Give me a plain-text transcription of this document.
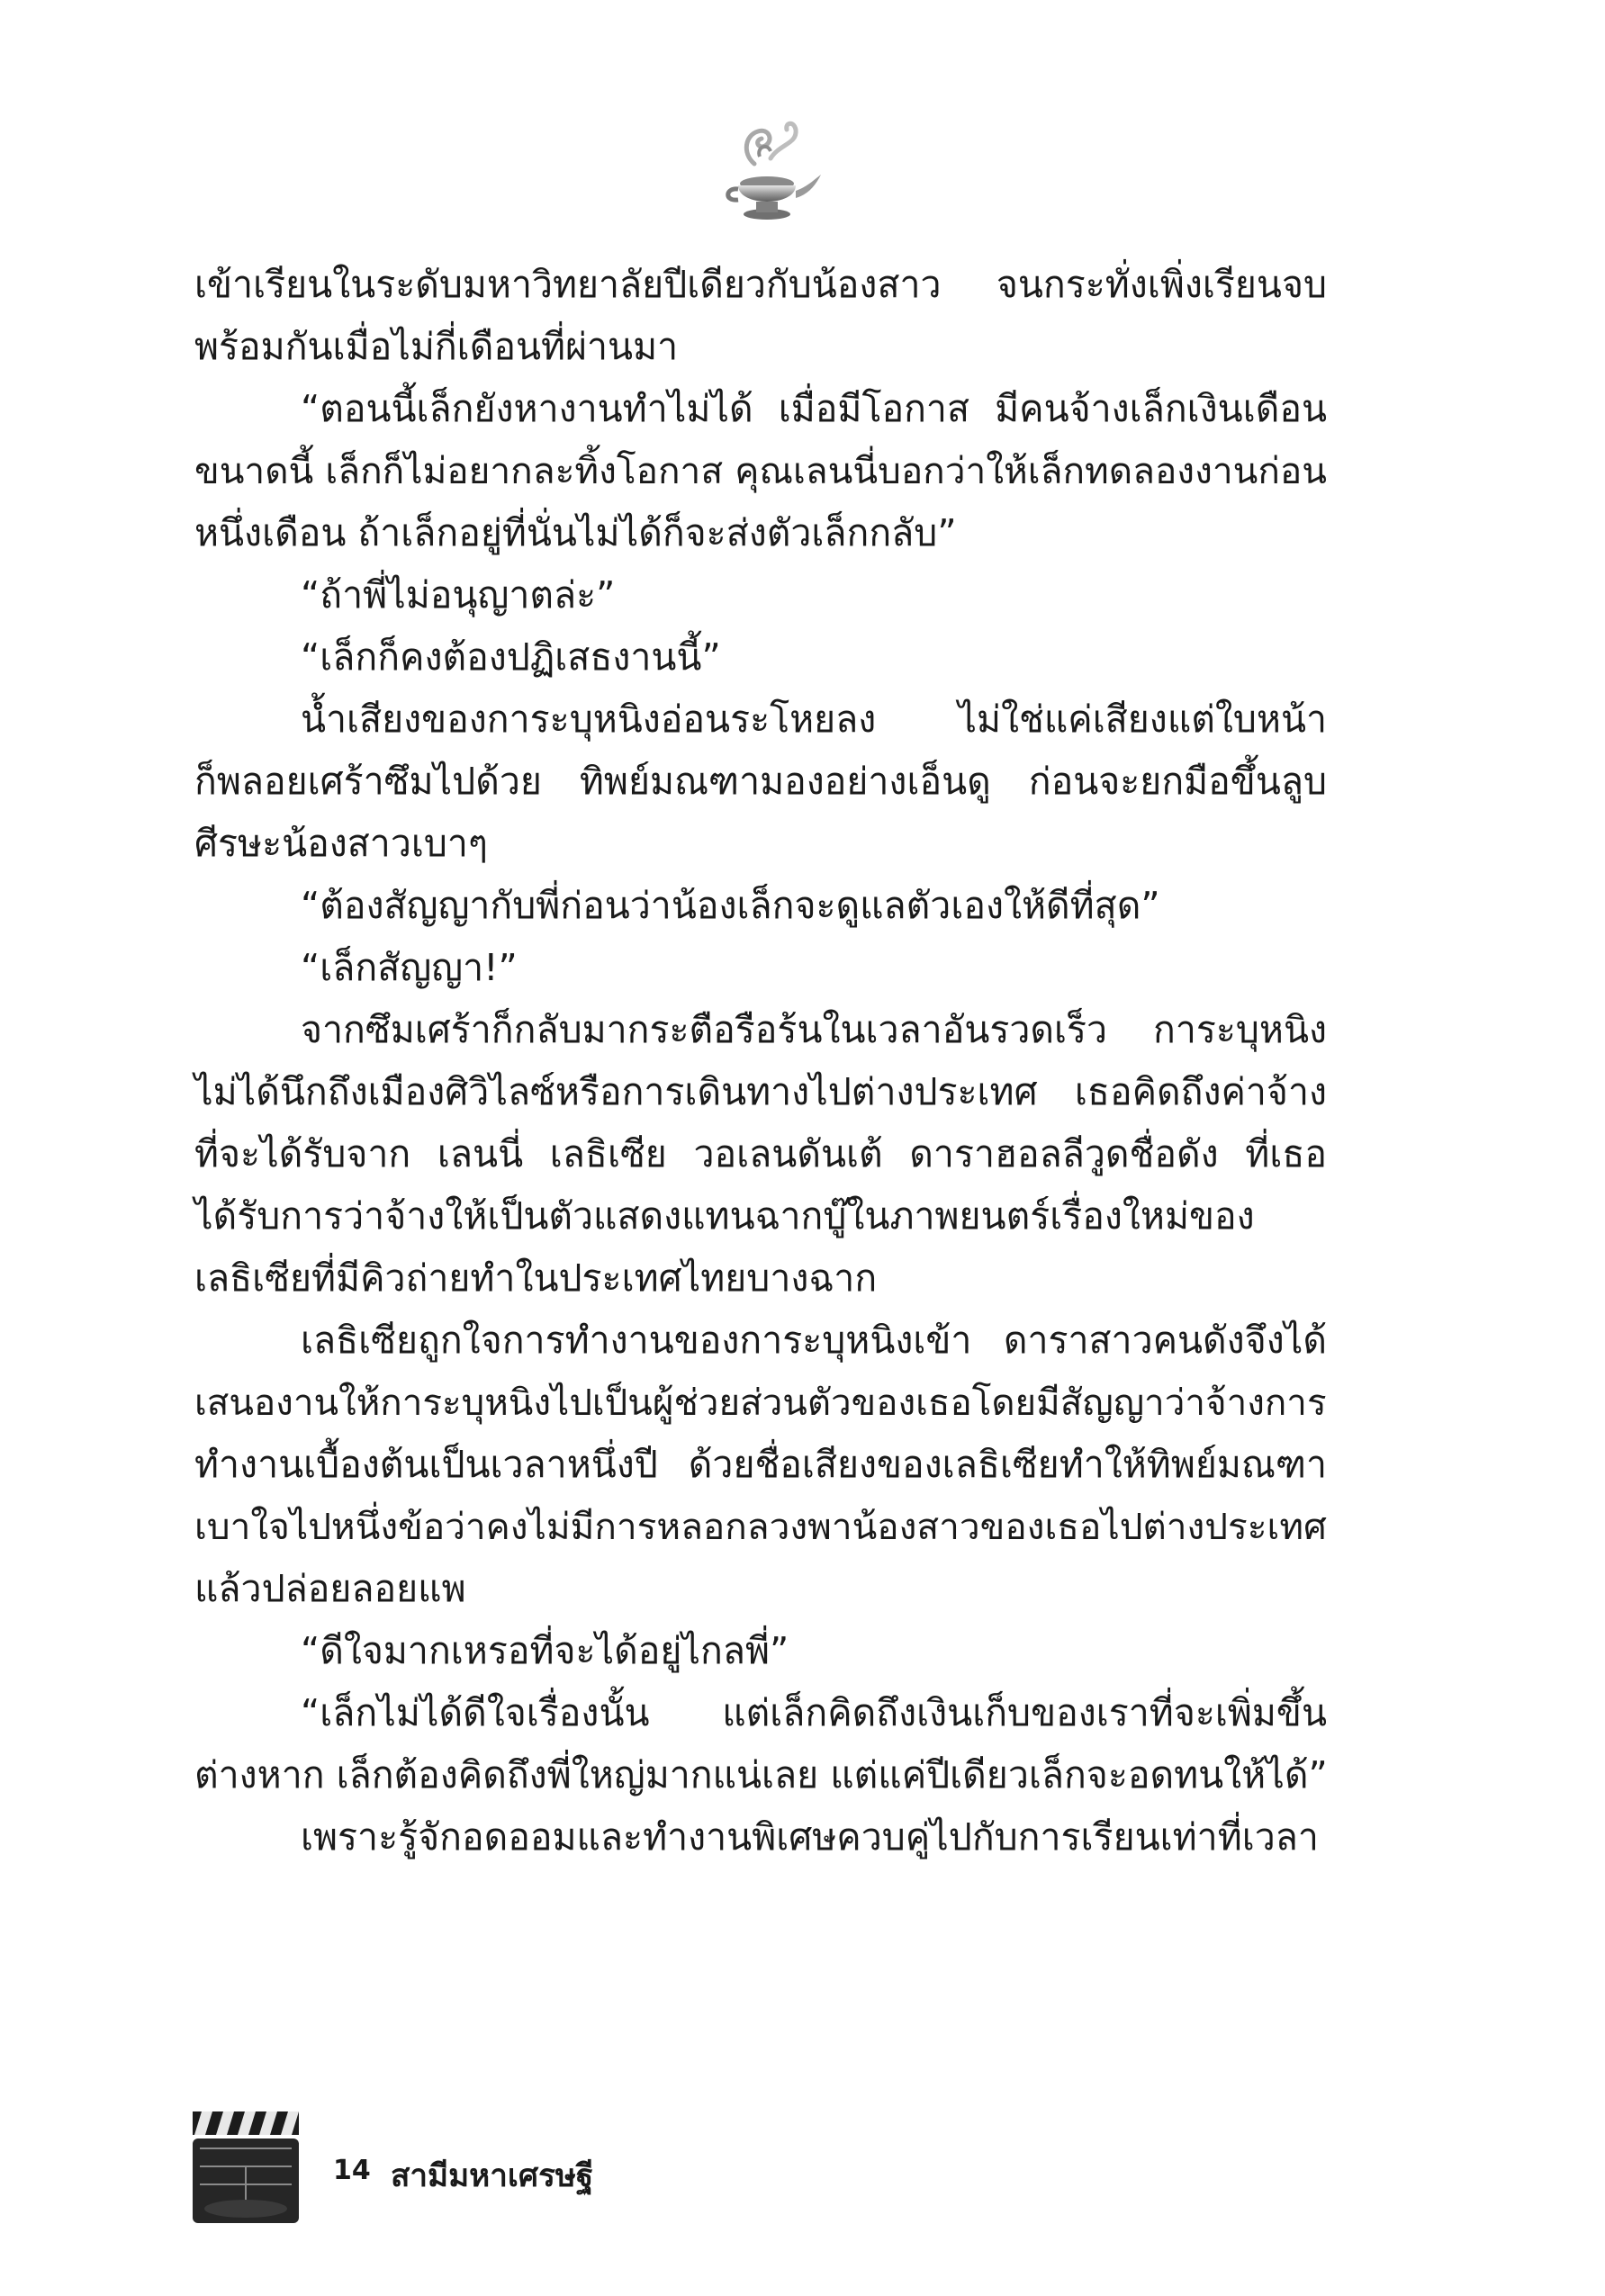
เข้าเรียนในระดับมหาวิทยาลัยปีเดียวกับน้องสาว จนกระทั่งเพิ่งเรียนจบ
พร้อมกันเมื่อไม่กี่เดือนที่ผ่านมา
“ตอนนี้เล็กยังหางานทำไม่ได้ เมื่อมีโอกาส มีคนจ้างเล็กเงินเดือน
ขนาดนี้ เล็กก็ไม่อยากละทิ้งโอกาส คุณเลนนี่บอกว่าให้เล็กทดลองงานก่อน
หนึ่งเดือน ถ้าเล็กอยู่ที่นั่นไม่ได้ก็จะส่งตัวเล็กกลับ”
“ถ้าพี่ไม่อนุญาตล่ะ”
“เล็กก็คงต้องปฏิเสธงานนี้”
น้ำเสียงของการะบุหนิงอ่อนระโหยลง ไม่ใช่แค่เสียงแต่ใบหน้า
ก็พลอยเศร้าซึมไปด้วย ทิพย์มณฑามองอย่างเอ็นดู ก่อนจะยกมือขึ้นลูบ
ศีรษะน้องสาวเบาๆ
“ต้องสัญญากับพี่ก่อนว่าน้องเล็กจะดูแลตัวเองให้ดีที่สุด”
“เล็กสัญญา!”
จากซึมเศร้าก็กลับมากระตือรือร้นในเวลาอันรวดเร็ว การะบุหนิง
ไม่ได้นึกถึงเมืองศิวิไลซ์หรือการเดินทางไปต่างประเทศ เธอคิดถึงค่าจ้าง
ที่จะได้รับจาก เลนนี่ เลธิเซีย วอเลนดันเต้ ดาราฮอลลีวูดชื่อดัง ที่เธอ
ได้รับการว่าจ้างให้เป็นตัวแสดงแทนฉากบู๊ในภาพยนตร์เรื่องใหม่ของ
เลธิเซียที่มีคิวถ่ายทำในประเทศไทยบางฉาก
เลธิเซียถูกใจการทำงานของการะบุหนิงเข้า ดาราสาวคนดังจึงได้
เสนองานให้การะบุหนิงไปเป็นผู้ช่วยส่วนตัวของเธอโดยมีสัญญาว่าจ้างการ
ทำงานเบื้องต้นเป็นเวลาหนึ่งปี ด้วยชื่อเสียงของเลธิเซียทำให้ทิพย์มณฑา
เบาใจไปหนึ่งข้อว่าคงไม่มีการหลอกลวงพาน้องสาวของเธอไปต่างประเทศ
แล้วปล่อยลอยแพ
“ดีใจมากเหรอที่จะได้อยู่ไกลพี่”
“เล็กไม่ได้ดีใจเรื่องนั้น แต่เล็กคิดถึงเงินเก็บของเราที่จะเพิ่มขึ้น
ต่างหาก เล็กต้องคิดถึงพี่ใหญ่มากแน่เลย แต่แค่ปีเดียวเล็กจะอดทนให้ได้”
เพราะรู้จักอดออมและทำงานพิเศษควบคู่ไปกับการเรียนเท่าที่เวลา
14 สามีมหาเศรษฐี
